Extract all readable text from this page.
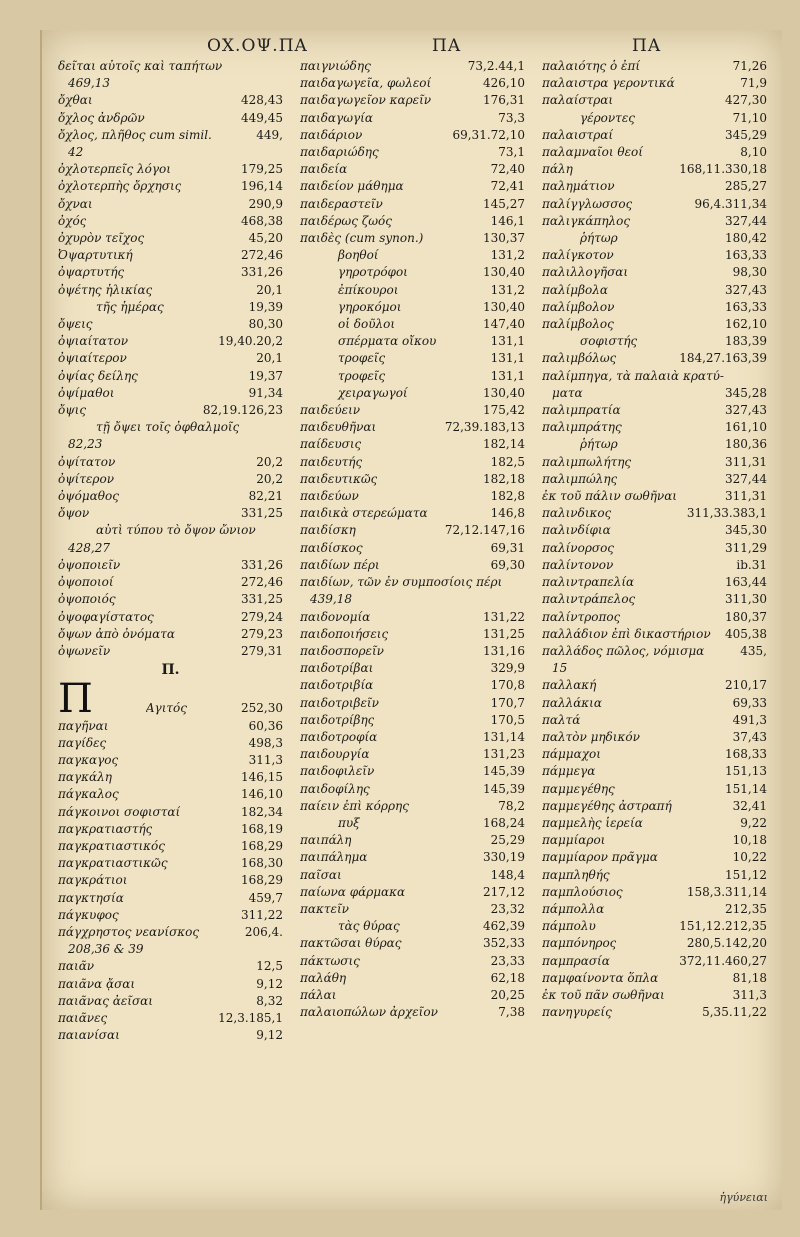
ΟΧ.ΟΨ.ΠΑ	ΠΑ	ΠΑ
δεῖται αὐτοῖς καὶ ταπήτων
469,13
ὄχθαι	428,43
ὄχλος ἀνδρῶν	449,45
ὄχλος, πλῆθος cum simil.	449,
42
ὀχλοτερπεῖς λόγοι	179,25
ὀχλοτερπὴς ὄρχησις	196,14
ὄχναι	290,9
ὀχός	468,38
ὀχυρὸν τεῖχος	45,20
Ὀψαρτυτική	272,46
ὀψαρτυτής	331,26
ὀψέτης ἡλικίας	20,1
τῆς ἡμέρας	19,39
ὄψεις	80,30
ὀψιαίτατον	19,40.20,2
ὀψιαίτερον	20,1
ὀψίας δείλης	19,37
ὀψίμαθοι	91,34
ὄψις	82,19.126,23
τῇ ὄψει τοῖς ὀφθαλμοῖς
82,23
ὀψίτατον	20,2
ὀψίτερον	20,2
ὀψόμαθος	82,21
ὄψον	331,25
αὐτὶ τύπου τὸ ὄψον ὤνιον
428,27
ὀψοποιεῖν	331,26
ὀψοποιοί	272,46
ὀψοποιός	331,25
ὀψοφαγίστατος	279,24
ὄψων ἀπὸ ὀνόματα	279,23
ὀψωνεῖν	279,31
Π.
Π	Αγιτός	252,30
παγῆναι	60,36
παγίδες	498,3
παγκαγος	311,3
παγκάλη	146,15
πάγκαλος	146,10
πάγκοινοι σοφισταί	182,34
παγκρατιαστής	168,19
παγκρατιαστικός	168,29
παγκρατιαστικῶς	168,30
παγκράτιοι	168,29
παγκτησία	459,7
πάγκυφος	311,22
πάγχρηστος νεανίσκος	206,4.
208,36 & 39
παιᾶν	12,5
παιᾶνα ᾄσαι	9,12
παιᾶνας ἀεῖσαι	8,32
παιᾶνες	12,3.185,1
παιανίσαι	9,12
παιγνιώδης	73,2.44,1
παιδαγωγεῖα, φωλεοί	426,10
παιδαγωγεῖον καρεῖν	176,31
παιδαγωγία	73,3
παιδάριον	69,31.72,10
παιδαριώδης	73,1
παιδεία	72,40
παιδείον μάθημα	72,41
παιδεραστεῖν	145,27
παιδέρως ζωός	146,1
παιδὲς (cum synon.)	130,37
βοηθοί	131,2
γηροτρόφοι	130,40
ἐπίκουροι	131,2
γηροκόμοι	130,40
οἱ δοῦλοι	147,40
σπέρματα οἴκου	131,1
τροφεῖς	131,1
τροφεῖς	131,1
χειραγωγοί	130,40
παιδεύειν	175,42
παιδευθῆναι	72,39.183,13
παίδευσις	182,14
παιδευτής	182,5
παιδευτικῶς	182,18
παιδεύων	182,8
παιδικὰ στερεώματα	146,8
παιδίσκη	72,12.147,16
παιδίσκος	69,31
παιδίων πέρι	69,30
παιδίων, τῶν ἐν συμποσίοις πέρι
439,18
παιδονομία	131,22
παιδοποιήσεις	131,25
παιδοσπορεῖν	131,16
παιδοτρίβαι	329,9
παιδοτριβία	170,8
παιδοτριβεῖν	170,7
παιδοτρίβης	170,5
παιδοτροφία	131,14
παιδουργία	131,23
παιδοφιλεῖν	145,39
παιδοφίλης	145,39
παίειν ἐπὶ κόρρης	78,2
πυξ	168,24
παιπάλη	25,29
παιπάλημα	330,19
παῖσαι	148,4
παίωνα φάρμακα	217,12
πακτεῖν	23,32
τὰς θύρας	462,39
πακτῶσαι θύρας	352,33
πάκτωσις	23,33
παλάθη	62,18
πάλαι	20,25
παλαιοπώλων ἀρχεῖον	7,38
παλαιότης ὁ ἐπί	71,26
παλαιστρα γεροντικά	71,9
παλαίστραι	427,30
γέροντες	71,10
παλαιστραί	345,29
παλαμναῖοι θεοί	8,10
πάλη	168,11.330,18
παλημάτιον	285,27
παλίγγλωσσος	96,4.311,34
παλιγκάπηλος	327,44
ῥήτωρ	180,42
παλίγκοτον	163,33
παλιλλογῆσαι	98,30
παλίμβολα	327,43
παλίμβολον	163,33
παλίμβολος	162,10
σοφιστής	183,39
παλιμβόλως	184,27.163,39
παλίμπηγα, τὰ παλαιὰ κρατύ-
ματα	345,28
παλιμπρατία	327,43
παλιμπράτης	161,10
ῥήτωρ	180,36
παλιμπωλήτης	311,31
παλιμπώλης	327,44
ἐκ τοῦ πάλιν σωθῆναι	311,31
παλινδικος	311,33.383,1
παλινδίφια	345,30
παλίνορσος	311,29
παλίντονον	ib.31
παλιντραπελία	163,44
παλιντράπελος	311,30
παλίντροπος	180,37
παλλάδιον ἐπὶ δικαστήριον 405,38
παλλάδος πῶλος, νόμισμα	435,
15
παλλακή	210,17
παλλάκια	69,33
παλτά	491,3
παλτὸν μηδικόν	37,43
πάμμαχοι	168,33
πάμμεγα	151,13
παμμεγέθης	151,14
παμμεγέθης ἀστραπή	32,41
παμμελὴς ἱερεία	9,22
παμμίαροι	10,18
παμμίαρον πρᾶγμα	10,22
παμπληθής	151,12
παμπλούσιος	158,3.311,14
πάμπολλα	212,35
πάμπολυ	151,12.212,35
παμπόνηρος	280,5.142,20
παμπρασία	372,11.460,27
παμφαίνοντα ὅπλα	81,18
ἐκ τοῦ πᾶν σωθῆναι	311,3
πανηγυρείς	5,35.11,22
ἠγύνειαι
